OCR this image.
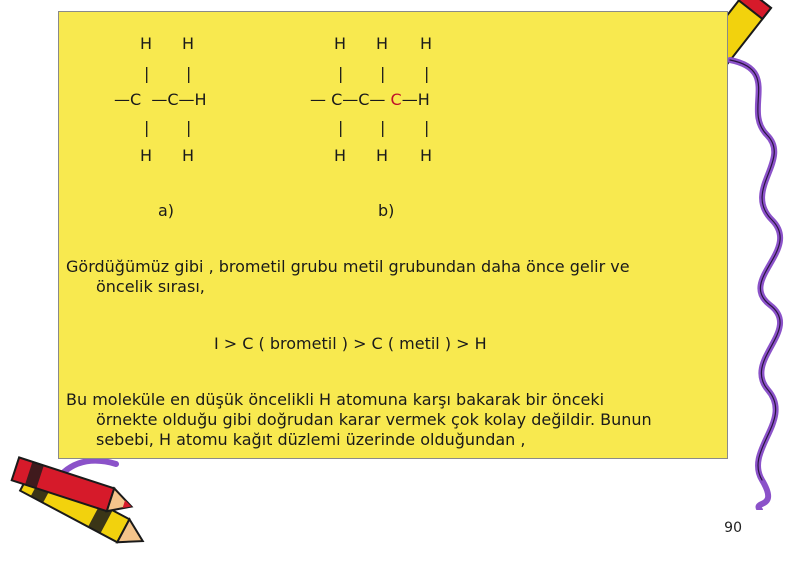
H H
| |
—C  —C—H
| |
H H
a)
H H H
| | |
— C—C— C—H
| | |
H H H
b)
Gördüğümüz gibi , brometil grubu metil grubundan daha önce gelir ve
öncelik sırası,
I > C ( brometil ) > C ( metil ) > H
Bu moleküle en düşük öncelikli H atomuna karşı bakarak bir önceki
örnekte olduğu gibi doğrudan karar vermek çok kolay değildir. Bunun
sebebi, H atomu kağıt düzlemi üzerinde olduğundan ,
90
